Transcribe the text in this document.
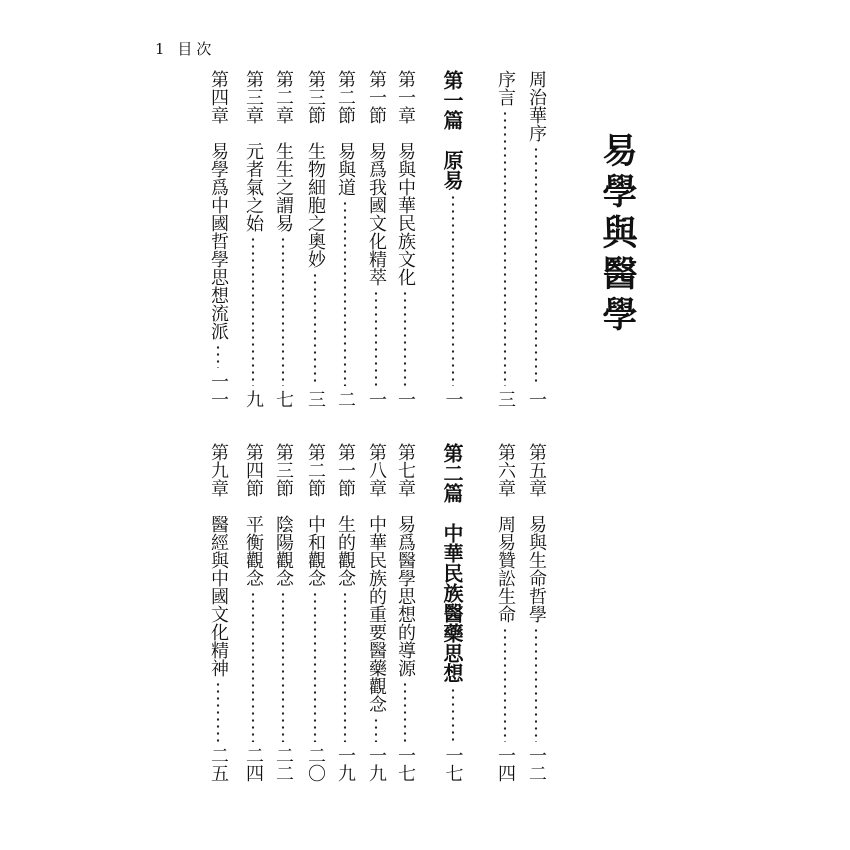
1 目次
易學與醫學
周治華序
一
序言
三
第一篇　原易
一
第一章　易與中華民族文化
一
第一節　易爲我國文化精萃
一
第二節　易與道
二
第三節　生物細胞之奧妙
三
第二章　生生之謂易
七
第三章　元者氣之始
九
第四章　易學爲中國哲學思想流派
一一
第五章　易與生命哲學
一二
第六章　周易贊訟生命
一四
第二篇　中華民族醫藥思想
一七
第七章　易爲醫學思想的導源
一七
第八章　中華民族的重要醫藥觀念
一九
第一節　生的觀念
一九
第二節　中和觀念
二〇
第三節　陰陽觀念
二二
第四節　平衡觀念
二四
第九章　醫經與中國文化精神
二五
